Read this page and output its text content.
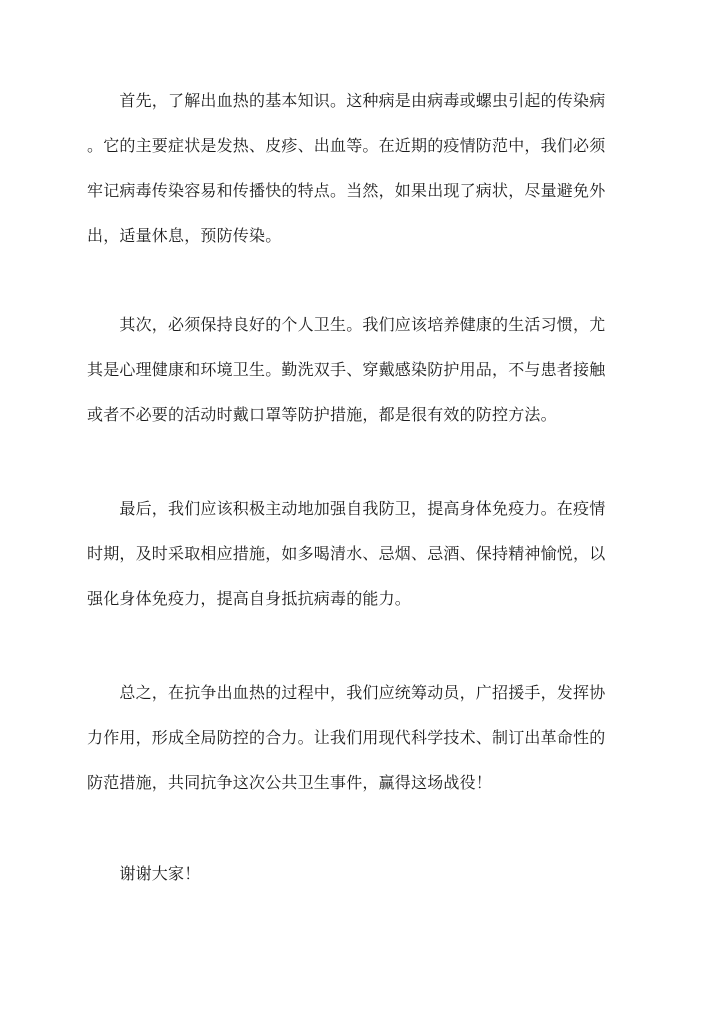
　　首先，了解出血热的基本知识。这种病是由病毒或螺虫引起的传染病
。它的主要症状是发热、皮疹、出血等。在近期的疫情防范中，我们必须
牢记病毒传染容易和传播快的特点。当然，如果出现了病状，尽量避免外
出，适量休息，预防传染。

　　其次，必须保持良好的个人卫生。我们应该培养健康的生活习惯，尤
其是心理健康和环境卫生。勤洗双手、穿戴感染防护用品，不与患者接触
或者不必要的活动时戴口罩等防护措施，都是很有效的防控方法。

　　最后，我们应该积极主动地加强自我防卫，提高身体免疫力。在疫情
时期，及时采取相应措施，如多喝清水、忌烟、忌酒、保持精神愉悦，以
强化身体免疫力，提高自身抵抗病毒的能力。

　　总之，在抗争出血热的过程中，我们应统筹动员，广招援手，发挥协
力作用，形成全局防控的合力。让我们用现代科学技术、制订出革命性的
防范措施，共同抗争这次公共卫生事件，赢得这场战役！

　　谢谢大家！
